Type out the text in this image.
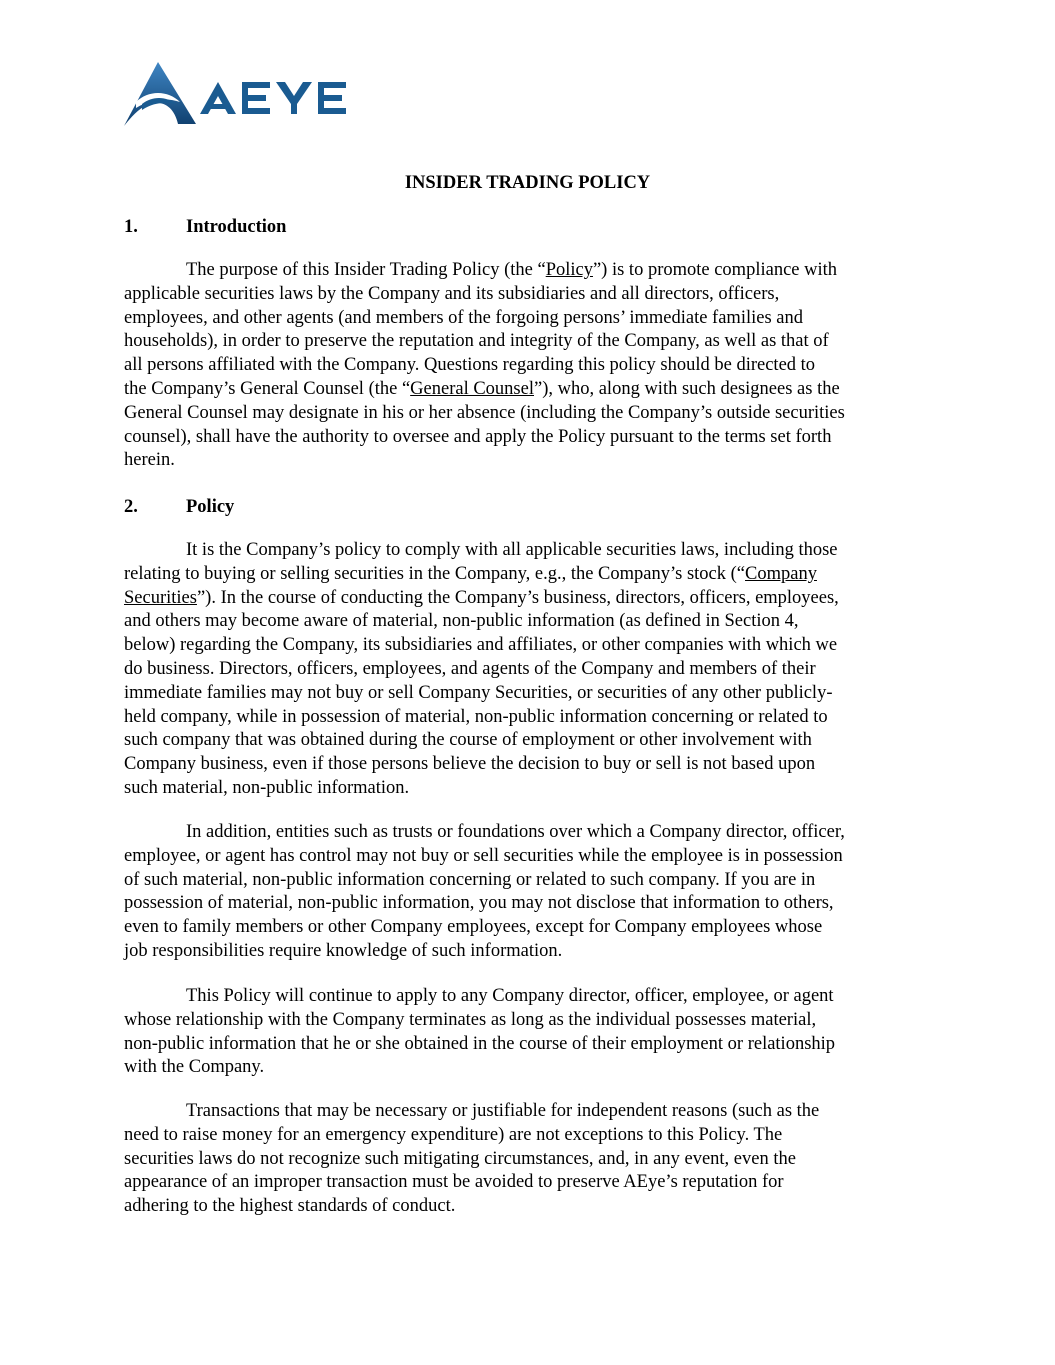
INSIDER TRADING POLICY
1.	Introduction
The purpose of this Insider Trading Policy (the “Policy”) is to promote compliance with
applicable securities laws by the Company and its subsidiaries and all directors, officers,
employees, and other agents (and members of the forgoing persons’ immediate families and
households), in order to preserve the reputation and integrity of the Company, as well as that of
all persons affiliated with the Company. Questions regarding this policy should be directed to
the Company’s General Counsel (the “General Counsel”), who, along with such designees as the
General Counsel may designate in his or her absence (including the Company’s outside securities
counsel), shall have the authority to oversee and apply the Policy pursuant to the terms set forth
herein.
2.	Policy
It is the Company’s policy to comply with all applicable securities laws, including those
relating to buying or selling securities in the Company, e.g., the Company’s stock (“Company
Securities”). In the course of conducting the Company’s business, directors, officers, employees,
and others may become aware of material, non-public information (as defined in Section 4,
below) regarding the Company, its subsidiaries and affiliates, or other companies with which we
do business. Directors, officers, employees, and agents of the Company and members of their
immediate families may not buy or sell Company Securities, or securities of any other publicly-
held company, while in possession of material, non-public information concerning or related to
such company that was obtained during the course of employment or other involvement with
Company business, even if those persons believe the decision to buy or sell is not based upon
such material, non-public information.
In addition, entities such as trusts or foundations over which a Company director, officer,
employee, or agent has control may not buy or sell securities while the employee is in possession
of such material, non-public information concerning or related to such company. If you are in
possession of material, non-public information, you may not disclose that information to others,
even to family members or other Company employees, except for Company employees whose
job responsibilities require knowledge of such information.
This Policy will continue to apply to any Company director, officer, employee, or agent
whose relationship with the Company terminates as long as the individual possesses material,
non-public information that he or she obtained in the course of their employment or relationship
with the Company.
Transactions that may be necessary or justifiable for independent reasons (such as the
need to raise money for an emergency expenditure) are not exceptions to this Policy. The
securities laws do not recognize such mitigating circumstances, and, in any event, even the
appearance of an improper transaction must be avoided to preserve AEye’s reputation for
adhering to the highest standards of conduct.
